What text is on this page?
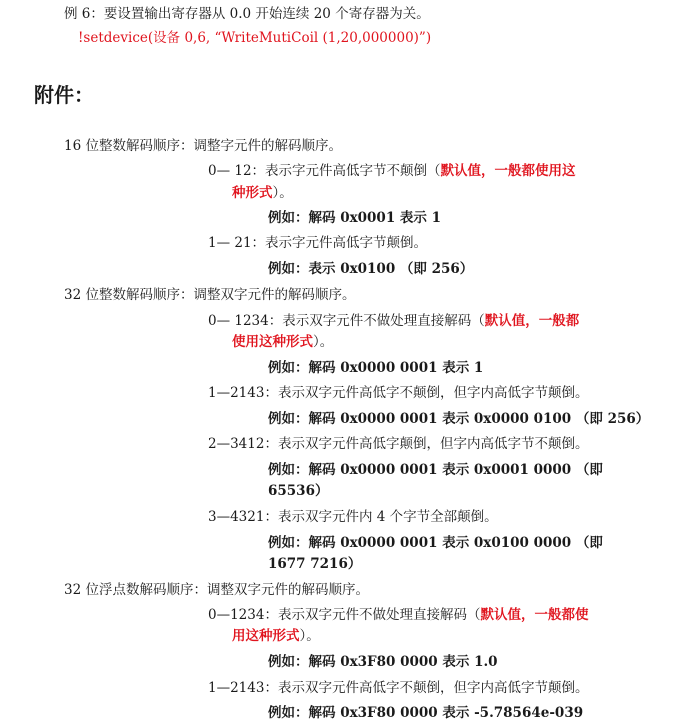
例 6：要设置输出寄存器从 0.0 开始连续 20 个寄存器为关。
!setdevice(设备 0,6, “WriteMutiCoil (1,20,000000)”)
附件：
16 位整数解码顺序：调整字元件的解码顺序。
0— 12：表示字元件高低字节不颠倒（默认值，一般都使用这
种形式）。
例如：解码 0x0001 表示 1
1— 21：表示字元件高低字节颠倒。
例如：表示 0x0100 （即 256）
32 位整数解码顺序：调整双字元件的解码顺序。
0— 1234：表示双字元件不做处理直接解码（默认值，一般都
使用这种形式）。
例如：解码 0x0000 0001 表示 1
1—2143：表示双字元件高低字不颠倒，但字内高低字节颠倒。
例如：解码 0x0000 0001 表示 0x0000 0100 （即 256）
2—3412：表示双字元件高低字颠倒，但字内高低字节不颠倒。
例如：解码 0x0000 0001 表示 0x0001 0000 （即
65536）
3—4321：表示双字元件内 4 个字节全部颠倒。
例如：解码 0x0000 0001 表示 0x0100 0000 （即
1677 7216）
32 位浮点数解码顺序：调整双字元件的解码顺序。
0—1234：表示双字元件不做处理直接解码（默认值，一般都使
用这种形式）。
例如：解码 0x3F80 0000 表示 1.0
1—2143：表示双字元件高低字不颠倒，但字内高低字节颠倒。
例如：解码 0x3F80 0000 表示 -5.78564e-039
